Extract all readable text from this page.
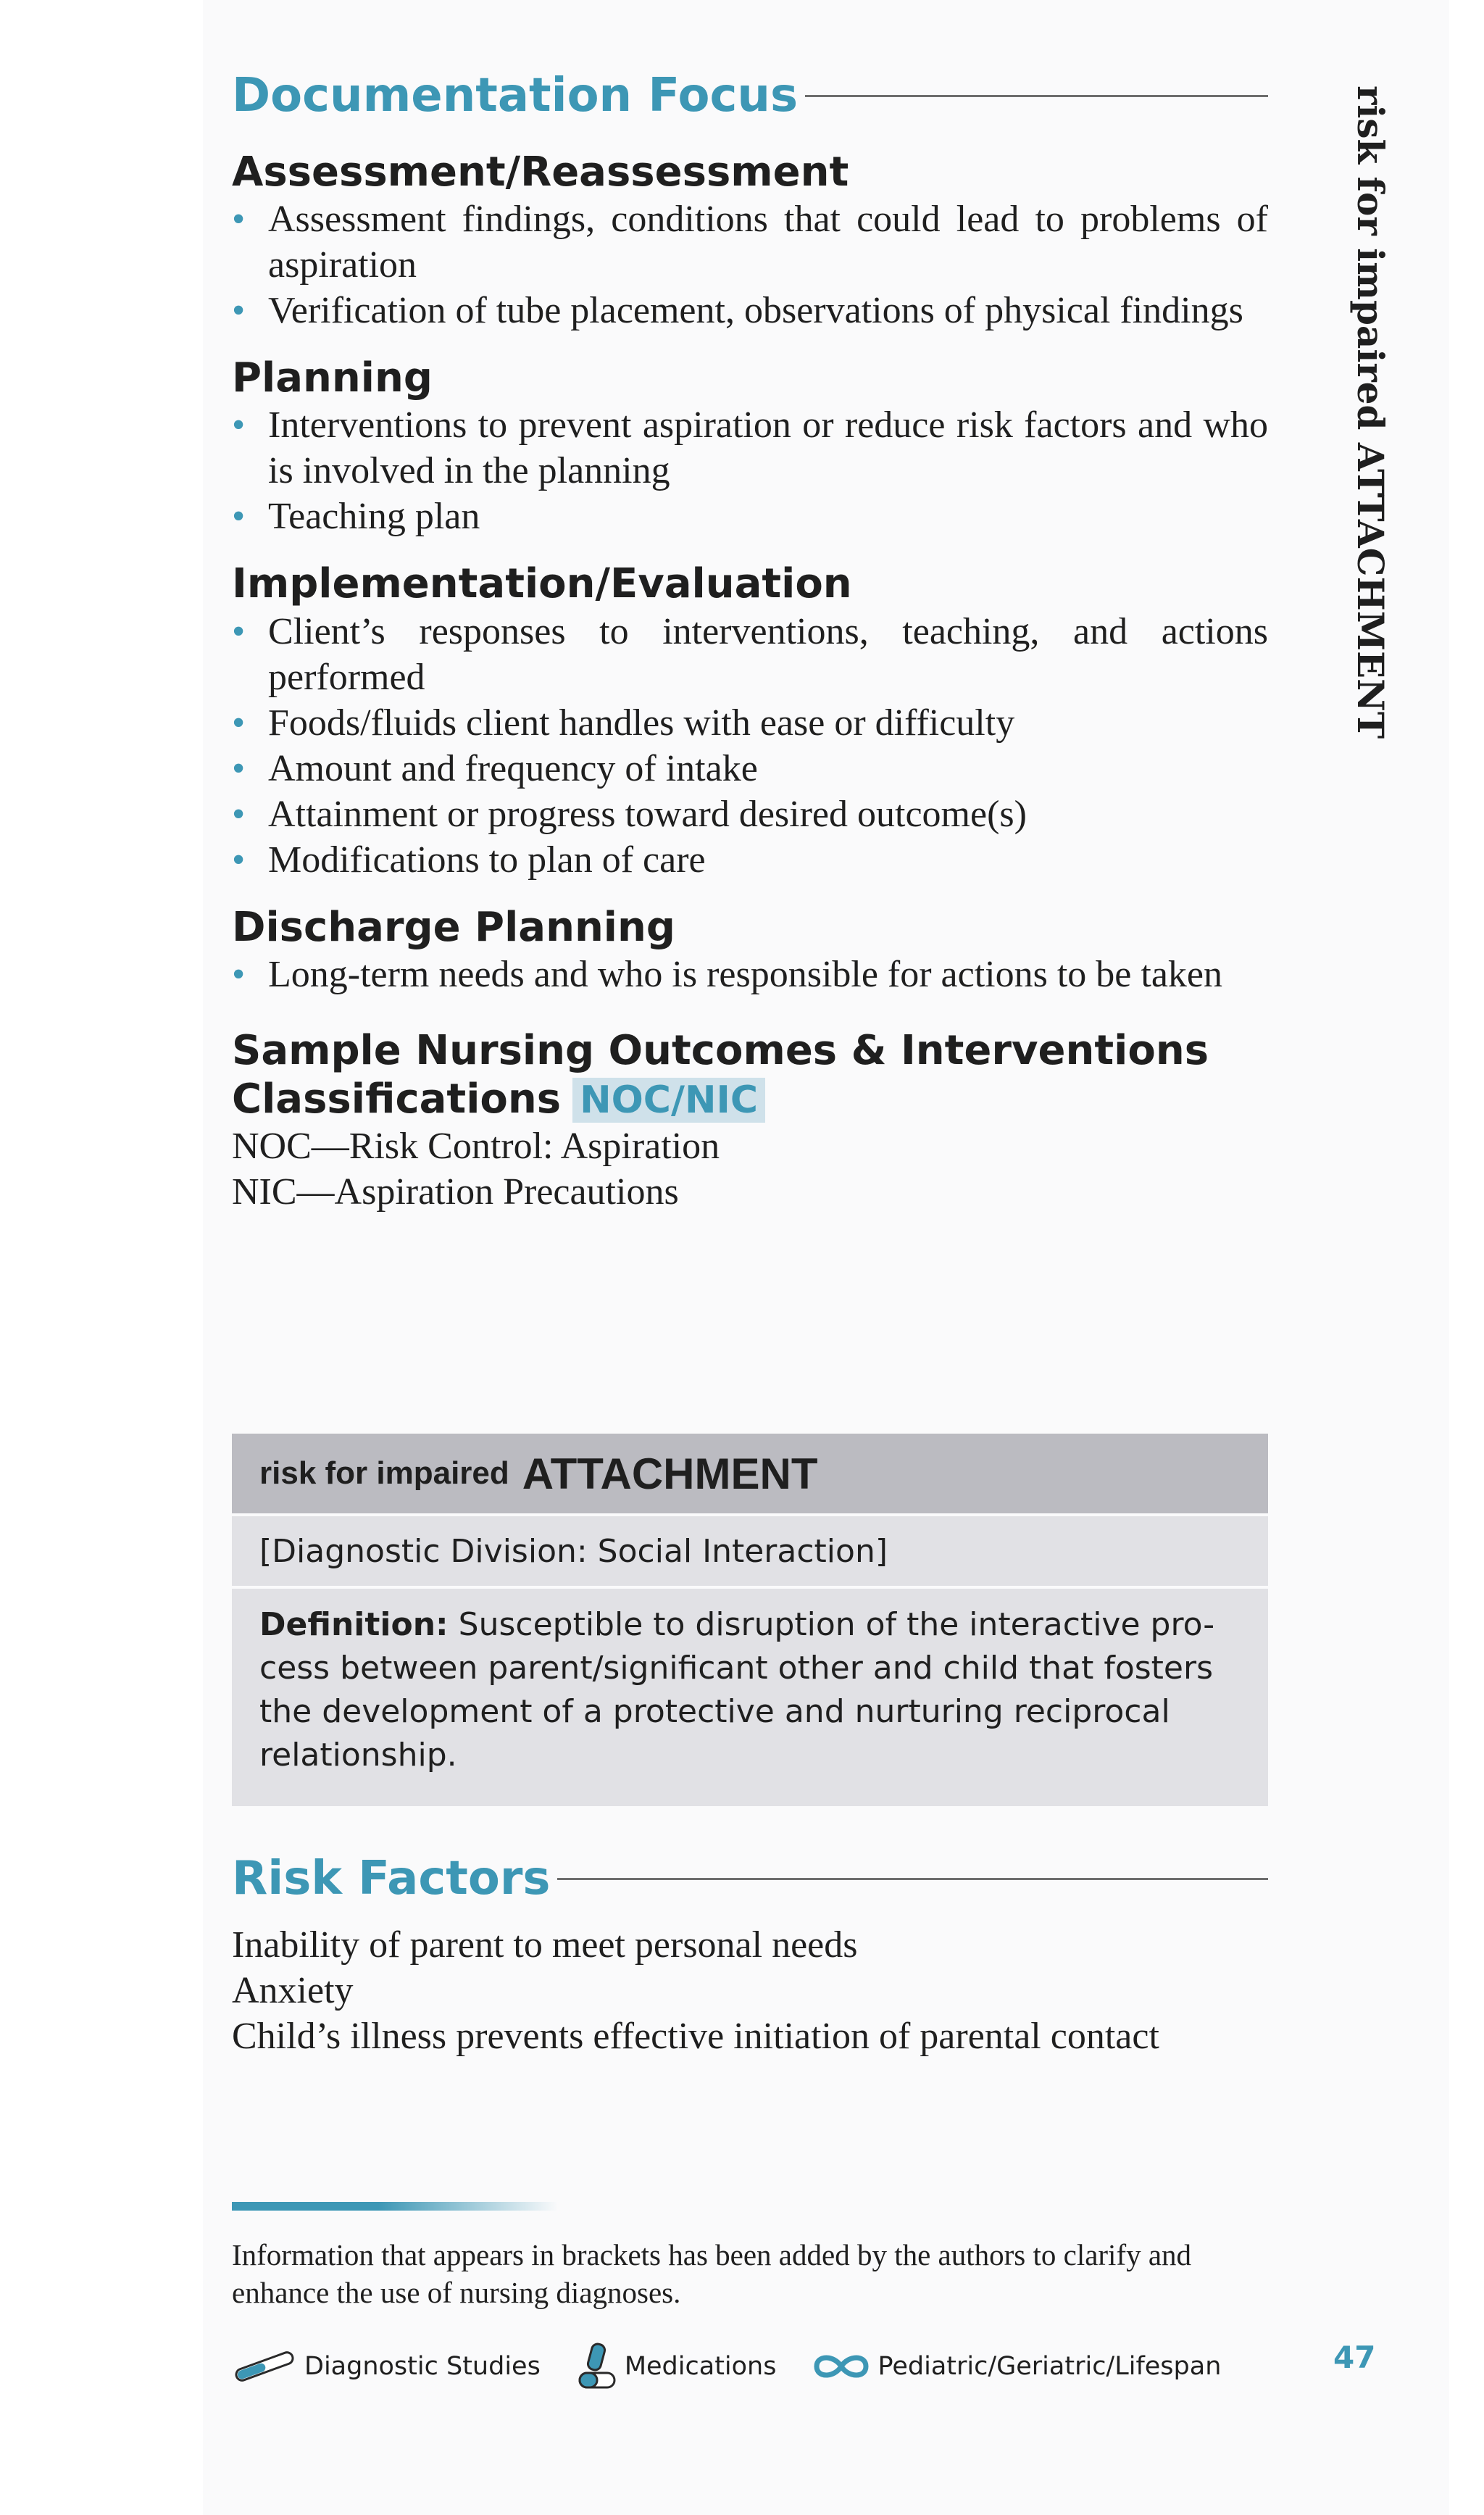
risk for impaired ATTACHMENT
Documentation Focus
Assessment/Reassessment
• Assessment findings, conditions that could lead to problems of aspiration
• Verification of tube placement, observations of physical findings
Planning
• Interventions to prevent aspiration or reduce risk factors and who is involved in the planning
• Teaching plan
Implementation/Evaluation
• Client’s responses to interventions, teaching, and actions performed
• Foods/fluids client handles with ease or difficulty
• Amount and frequency of intake
• Attainment or progress toward desired outcome(s)
• Modifications to plan of care
Discharge Planning
• Long-term needs and who is responsible for actions to be taken
Sample Nursing Outcomes & Interventions
Classifications NOC/NIC
NOC—Risk Control: Aspiration
NIC—Aspiration Precautions
risk for impaired ATTACHMENT
[Diagnostic Division: Social Interaction]
Definition: Susceptible to disruption of the interactive pro-cess between parent/significant other and child that fosters the development of a protective and nurturing reciprocal relationship.
Risk Factors
Inability of parent to meet personal needs
Anxiety
Child’s illness prevents effective initiation of parental contact
Information that appears in brackets has been added by the authors to clarify and enhance the use of nursing diagnoses.
Diagnostic Studies	Medications	Pediatric/Geriatric/Lifespan	47
